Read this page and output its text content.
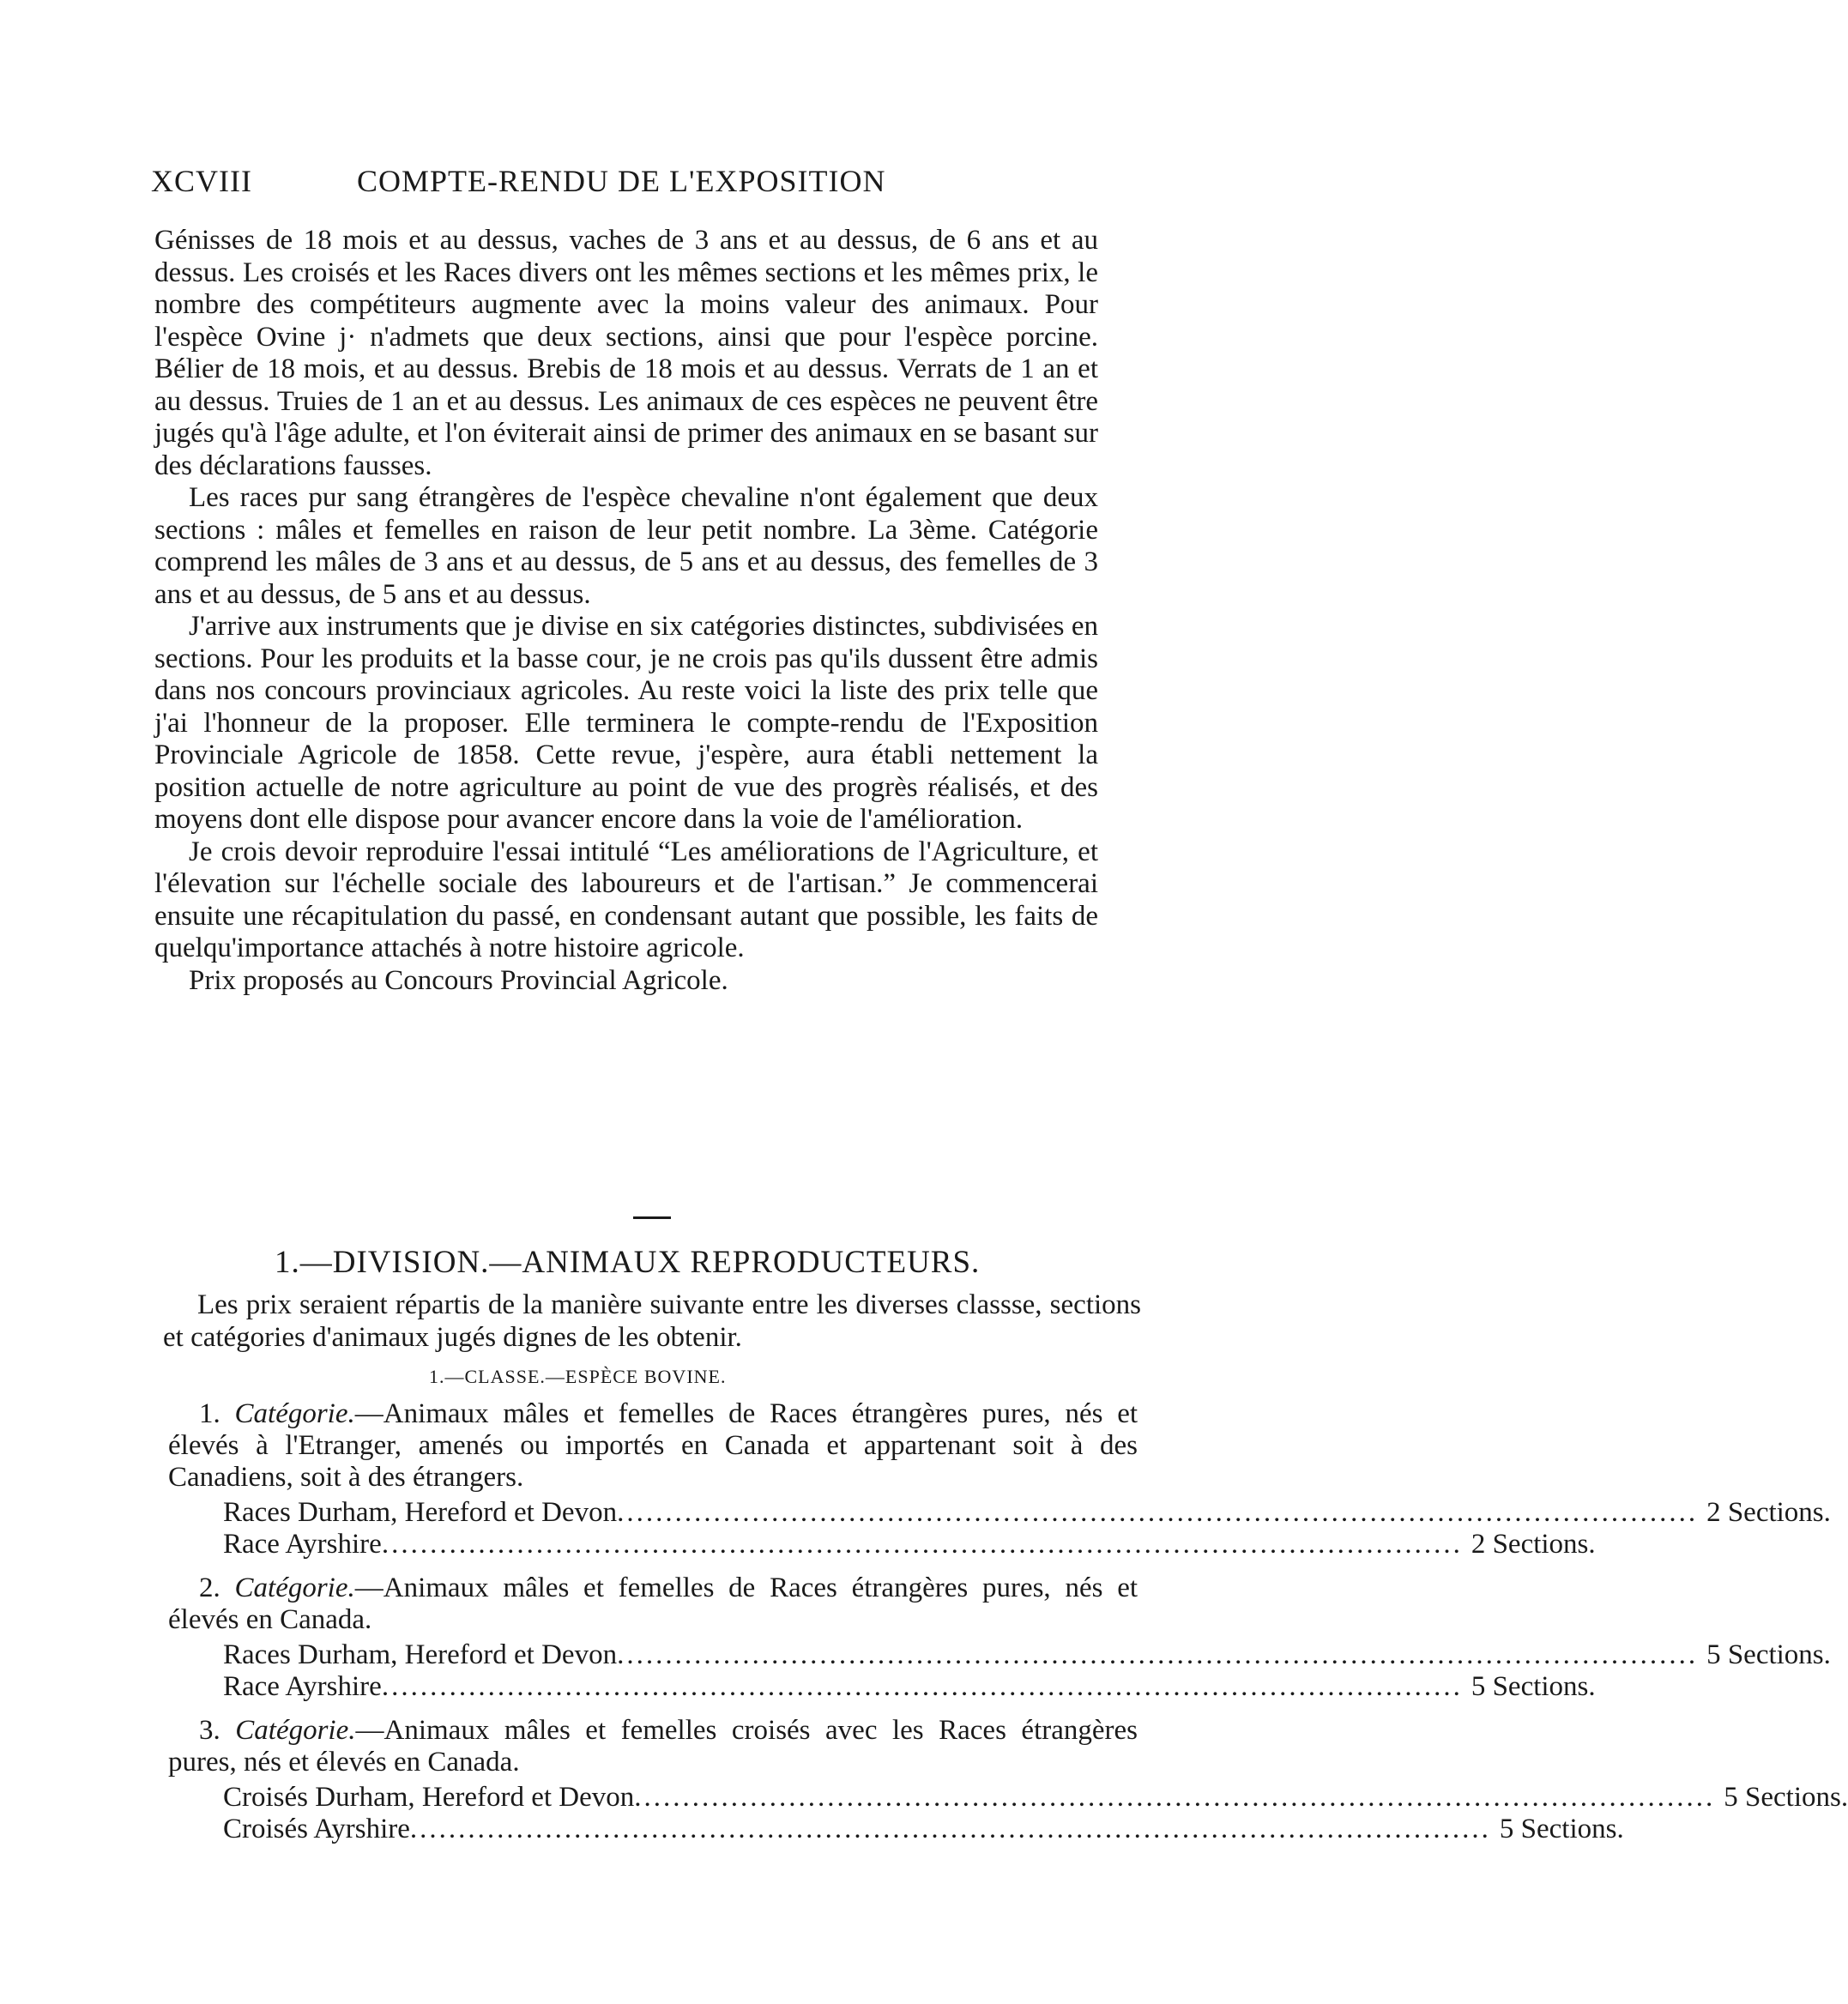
XCVIII	COMPTE-RENDU DE L'EXPOSITION

Génisses de 18 mois et au dessus, vaches de 3 ans et au dessus, de 6 ans et au dessus. Les croisés et les Races divers ont les mêmes sections et les mêmes prix, le nombre des compétiteurs augmente avec la moins valeur des animaux. Pour l'espèce Ovine j· n'admets que deux sections, ainsi que pour l'espèce porcine. Bélier de 18 mois, et au dessus. Brebis de 18 mois et au dessus. Verrats de 1 an et au dessus. Truies de 1 an et au dessus. Les animaux de ces espèces ne peuvent être jugés qu'à l'âge adulte, et l'on éviterait ainsi de primer des animaux en se basant sur des déclarations fausses.

Les races pur sang étrangères de l'espèce chevaline n'ont également que deux sections : mâles et femelles en raison de leur petit nombre. La 3ème. Catégorie comprend les mâles de 3 ans et au dessus, de 5 ans et au dessus, des femelles de 3 ans et au dessus, de 5 ans et au dessus.

J'arrive aux instruments que je divise en six catégories distinctes, subdivisées en sections. Pour les produits et la basse cour, je ne crois pas qu'ils dussent être admis dans nos concours provinciaux agricoles. Au reste voici la liste des prix telle que j'ai l'honneur de la proposer. Elle terminera le compte-rendu de l'Exposition Provinciale Agricole de 1858. Cette revue, j'espère, aura établi nettement la position actuelle de notre agriculture au point de vue des progrès réalisés, et des moyens dont elle dispose pour avancer encore dans la voie de l'amélioration.

Je crois devoir reproduire l'essai intitulé “Les améliorations de l'Agriculture, et l'élevation sur l'échelle sociale des laboureurs et de l'artisan.” Je commencerai ensuite une récapitulation du passé, en condensant autant que possible, les faits de quelqu'importance attachés à notre histoire agricole.

Prix proposés au Concours Provincial Agricole.

1.—DIVISION.—ANIMAUX REPRODUCTEURS.

Les prix seraient répartis de la manière suivante entre les diverses classse, sections et catégories d'animaux jugés dignes de les obtenir.

1.—CLASSE.—ESPÈCE BOVINE.
1. Catégorie.—Animaux mâles et femelles de Races étrangères pures, nés et élevés à l'Etranger, amenés ou importés en Canada et appartenant soit à des Canadiens, soit à des étrangers.
Races Durham, Hereford et Devon ................................................................................................................ 2 Sections.
Race Ayrshire ................................................................................................................ 2 Sections.
2. Catégorie.—Animaux mâles et femelles de Races étrangères pures, nés et élevés en Canada.
Races Durham, Hereford et Devon ................................................................................................................ 5 Sections.
Race Ayrshire ................................................................................................................ 5 Sections.
3. Catégorie.—Animaux mâles et femelles croisés avec les Races étrangères pures, nés et élevés en Canada.
Croisés Durham, Hereford et Devon ................................................................................................................ 5 Sections.
Croisés Ayrshire ................................................................................................................ 5 Sections.
